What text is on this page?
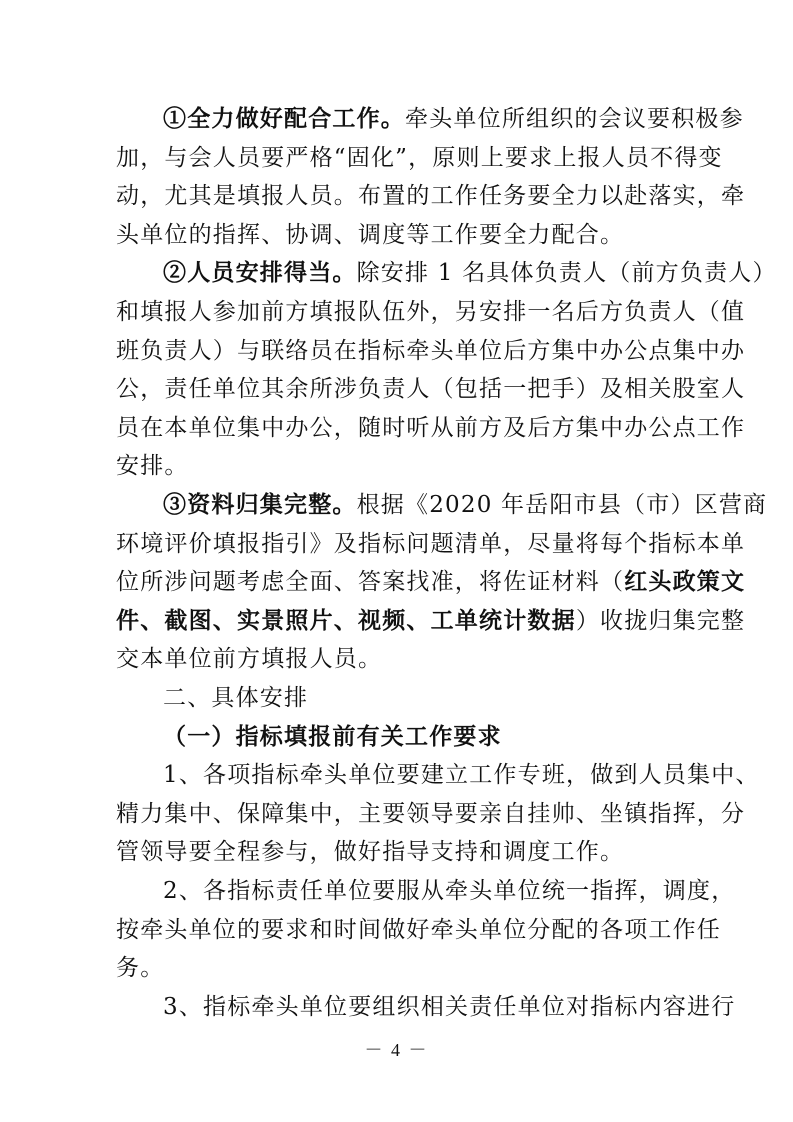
①全力做好配合工作。牵头单位所组织的会议要积极参
加，与会人员要严格“固化”，原则上要求上报人员不得变
动，尤其是填报人员。布置的工作任务要全力以赴落实，牵
头单位的指挥、协调、调度等工作要全力配合。
②人员安排得当。除安排 1 名具体负责人（前方负责人）
和填报人参加前方填报队伍外，另安排一名后方负责人（值
班负责人）与联络员在指标牵头单位后方集中办公点集中办
公，责任单位其余所涉负责人（包括一把手）及相关股室人
员在本单位集中办公，随时听从前方及后方集中办公点工作
安排。
③资料归集完整。根据《2020 年岳阳市县（市）区营商
环境评价填报指引》及指标问题清单，尽量将每个指标本单
位所涉问题考虑全面、答案找准，将佐证材料（红头政策文
件、截图、实景照片、视频、工单统计数据）收拢归集完整
交本单位前方填报人员。
二、具体安排
（一）指标填报前有关工作要求
1、各项指标牵头单位要建立工作专班，做到人员集中、
精力集中、保障集中，主要领导要亲自挂帅、坐镇指挥，分
管领导要全程参与，做好指导支持和调度工作。
2、各指标责任单位要服从牵头单位统一指挥，调度，
按牵头单位的要求和时间做好牵头单位分配的各项工作任
务。
3、指标牵头单位要组织相关责任单位对指标内容进行
－ 4 －
